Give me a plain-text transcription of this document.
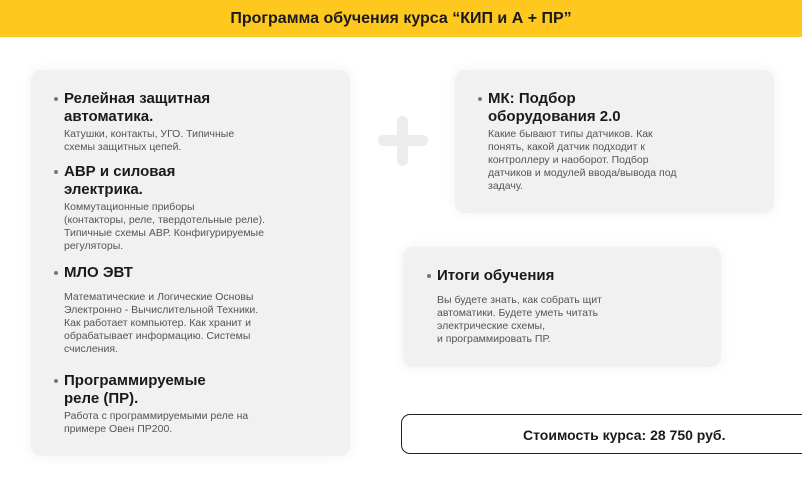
Программа обучения курса “КИП и А + ПР”
Релейная защитная
автоматика.
Катушки, контакты, УГО. Типичные
схемы защитных цепей.
АВР и силовая
электрика.
Коммутационные приборы
(контакторы, реле, твердотельные реле).
Типичные схемы АВР. Конфигурируемые
регуляторы.
МЛО ЭВТ
Математические и Логические Основы
Электронно - Вычислительной Техники.
Как работает компьютер. Как хранит и
обрабатывает информацию. Системы
счисления.
Программируемые
реле (ПР).
Работа с программируемыми реле на
примере Овен ПР200.
МК: Подбор
оборудования 2.0
Какие бывают типы датчиков. Как
понять, какой датчик подходит к
контроллеру и наоборот. Подбор
датчиков и модулей ввода/вывода под
задачу.
Итоги обучения
Вы будете знать, как собрать щит
автоматики. Будете уметь читать
электрические схемы,
и программировать ПР.
Стоимость курса: 28 750 руб.
